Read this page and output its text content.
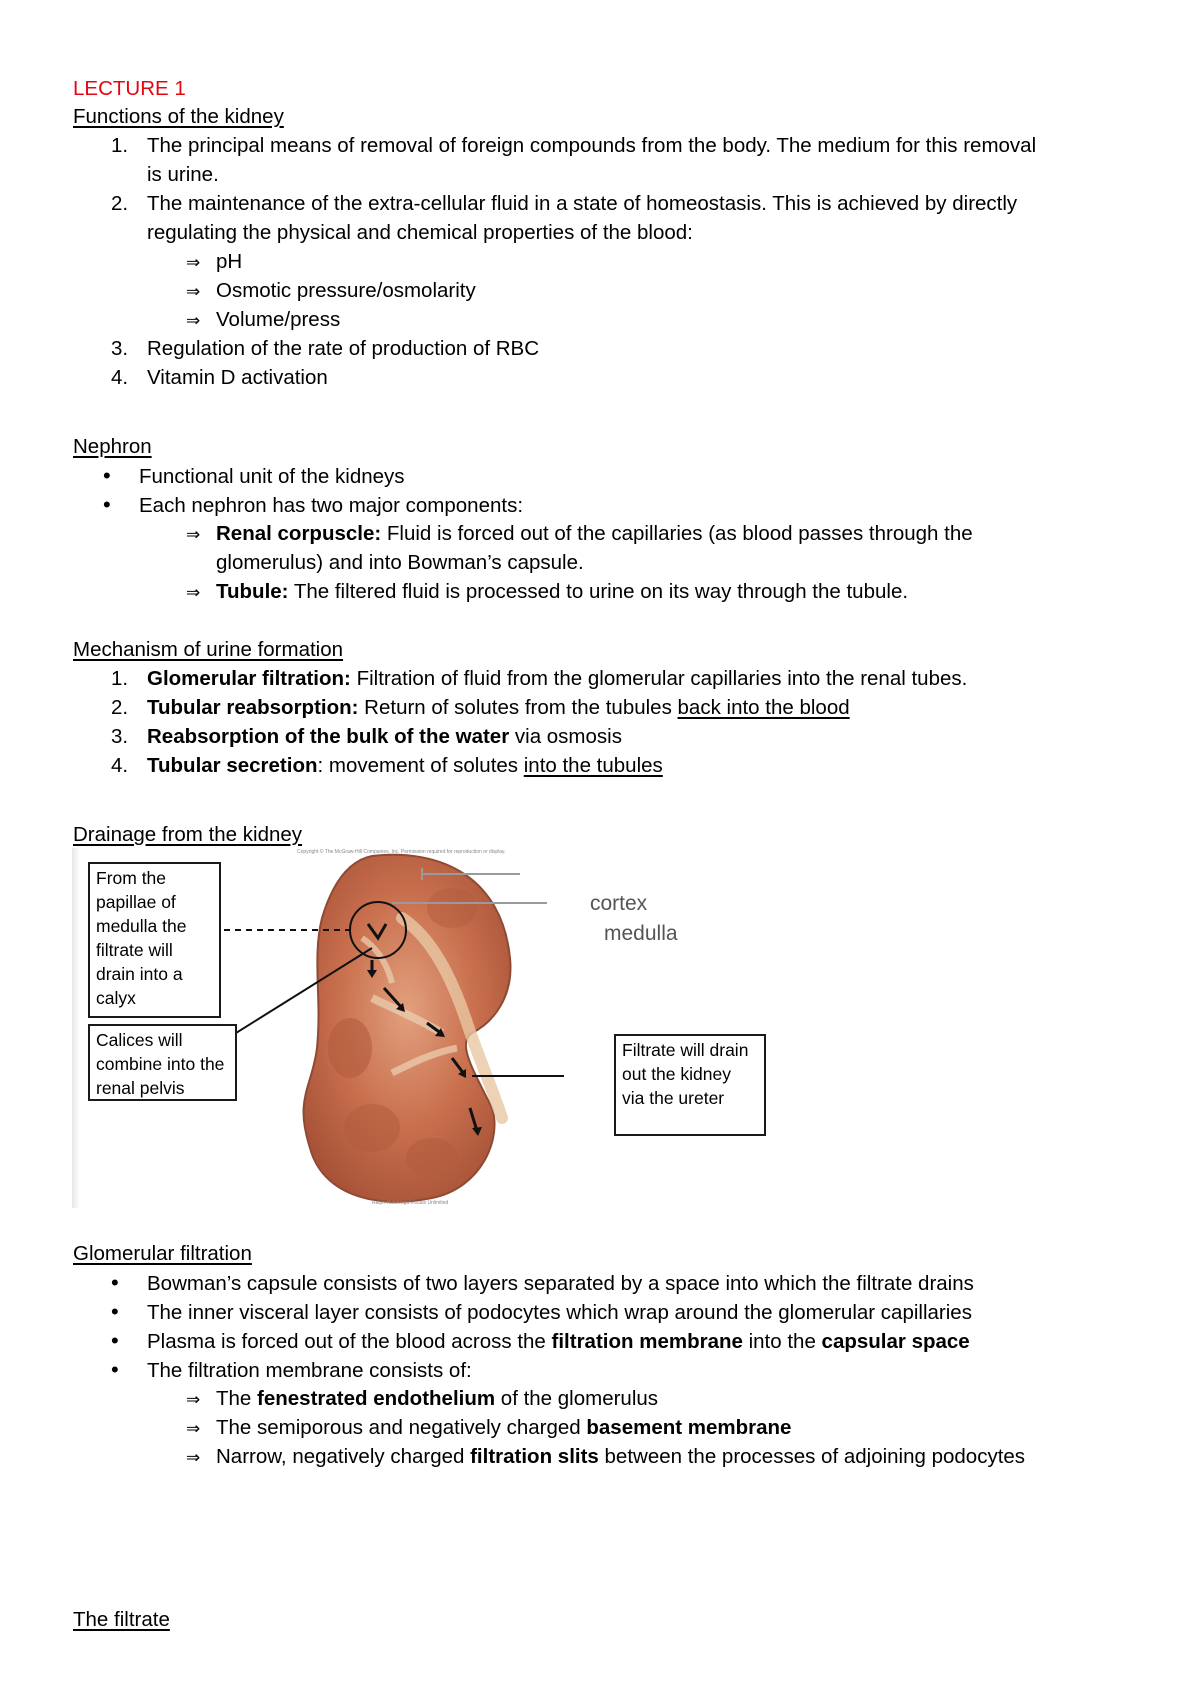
LECTURE 1
Functions of the kidney
1. The principal means of removal of foreign compounds from the body. The medium for this removal
is urine.
2. The maintenance of the extra-cellular fluid in a state of homeostasis. This is achieved by directly
regulating the physical and chemical properties of the blood:
⇒ pH
⇒ Osmotic pressure/osmolarity
⇒ Volume/press
3. Regulation of the rate of production of RBC
4. Vitamin D activation
Nephron
• Functional unit of the kidneys
• Each nephron has two major components:
⇒ Renal corpuscle: Fluid is forced out of the capillaries (as blood passes through the
glomerulus) and into Bowman’s capsule.
⇒ Tubule: The filtered fluid is processed to urine on its way through the tubule.
Mechanism of urine formation
1. Glomerular filtration: Filtration of fluid from the glomerular capillaries into the renal tubes.
2. Tubular reabsorption: Return of solutes from the tubules back into the blood
3. Reabsorption of the bulk of the water via osmosis
4. Tubular secretion: movement of solutes into the tubules
Drainage from the kidney
Copyright © The McGraw-Hill Companies, Inc. Permission required for reproduction or display.
Ralph Hutchings/Visuals Unlimited
cortex
medulla
From the papillae of medulla the filtrate will drain into a calyx
Calices will combine into the renal pelvis
Filtrate will drain out the kidney via the ureter
Glomerular filtration
• Bowman’s capsule consists of two layers separated by a space into which the filtrate drains
• The inner visceral layer consists of podocytes which wrap around the glomerular capillaries
• Plasma is forced out of the blood across the filtration membrane into the capsular space
• The filtration membrane consists of:
⇒ The fenestrated endothelium of the glomerulus
⇒ The semiporous and negatively charged basement membrane
⇒ Narrow, negatively charged filtration slits between the processes of adjoining podocytes
The filtrate
